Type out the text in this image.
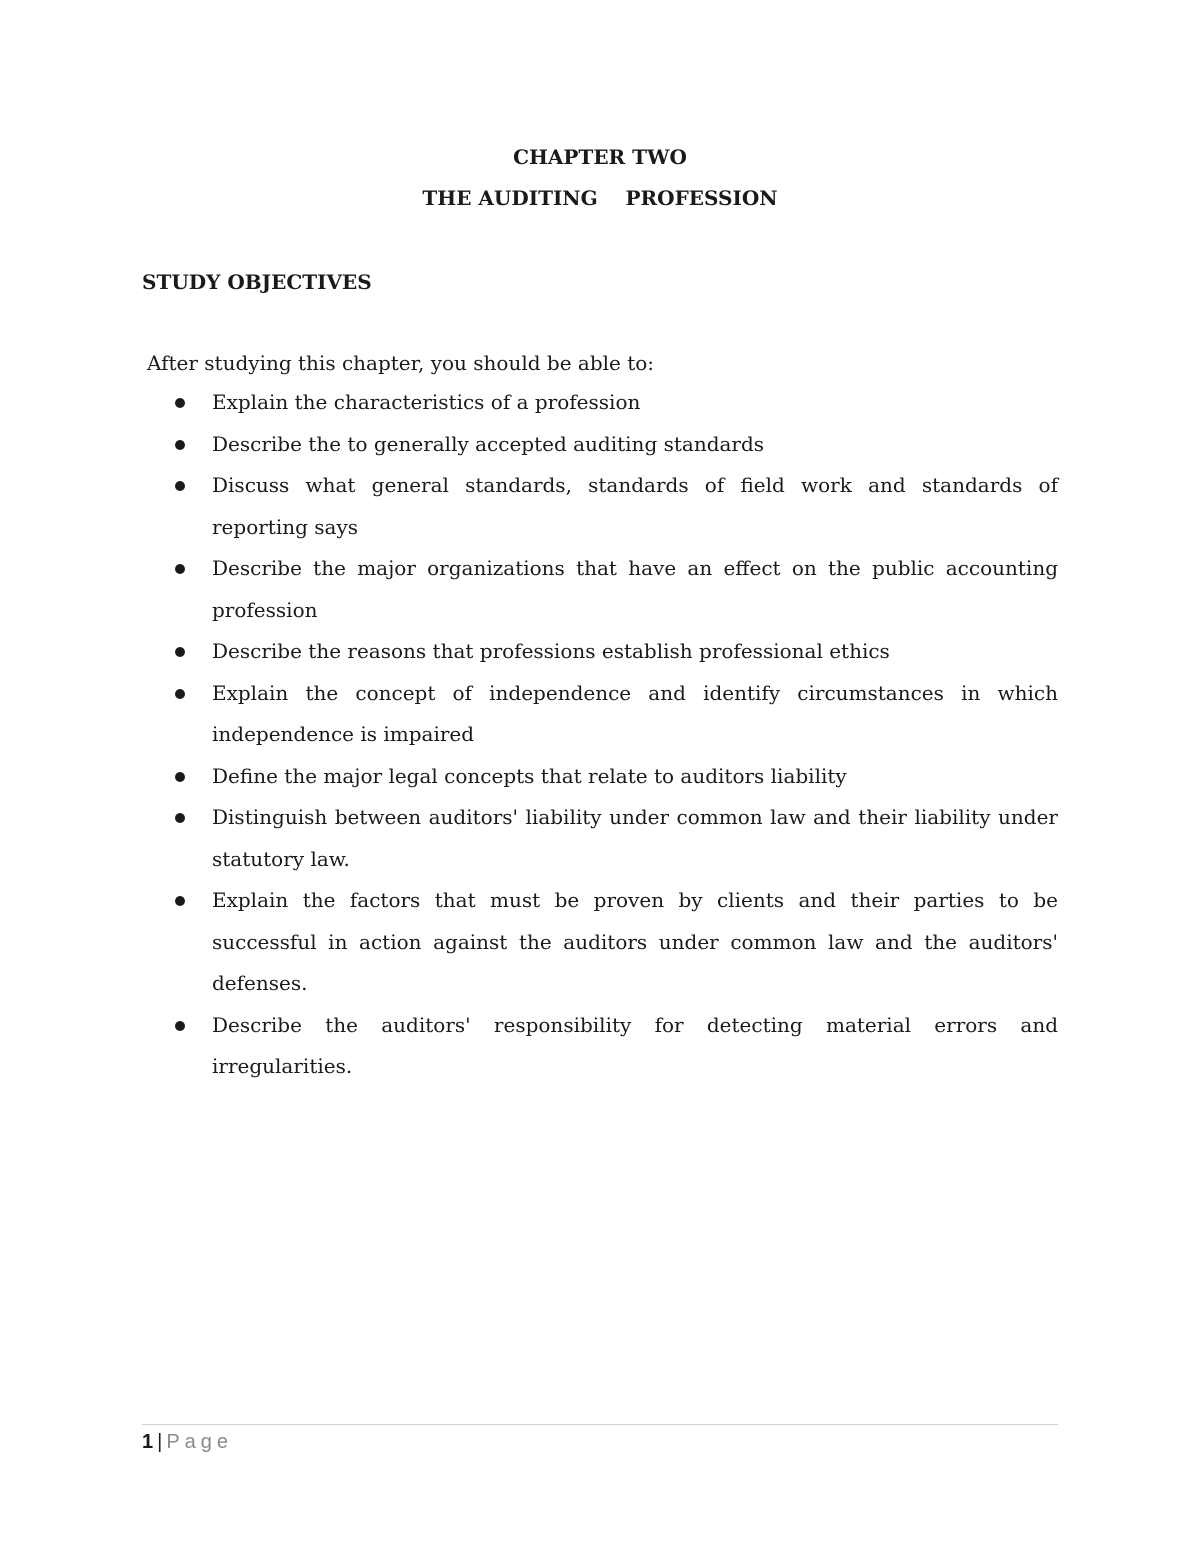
CHAPTER TWO
THE AUDITING    PROFESSION
STUDY OBJECTIVES
After studying this chapter, you should be able to:
Explain the characteristics of a profession
Describe the to generally accepted auditing standards
Discuss what general standards, standards of field work and standards of reporting says
Describe the major organizations that have an effect on the public accounting profession
Describe the reasons that professions establish professional ethics
Explain the concept of independence and identify circumstances in which independence is impaired
Define the major legal concepts that relate to auditors liability
Distinguish between auditors' liability under common law and their liability under statutory law.
Explain the factors that must be proven by clients and their parties to be successful in action against the auditors under common law and the auditors' defenses.
Describe the auditors' responsibility for detecting material errors and irregularities.
1 | Page
